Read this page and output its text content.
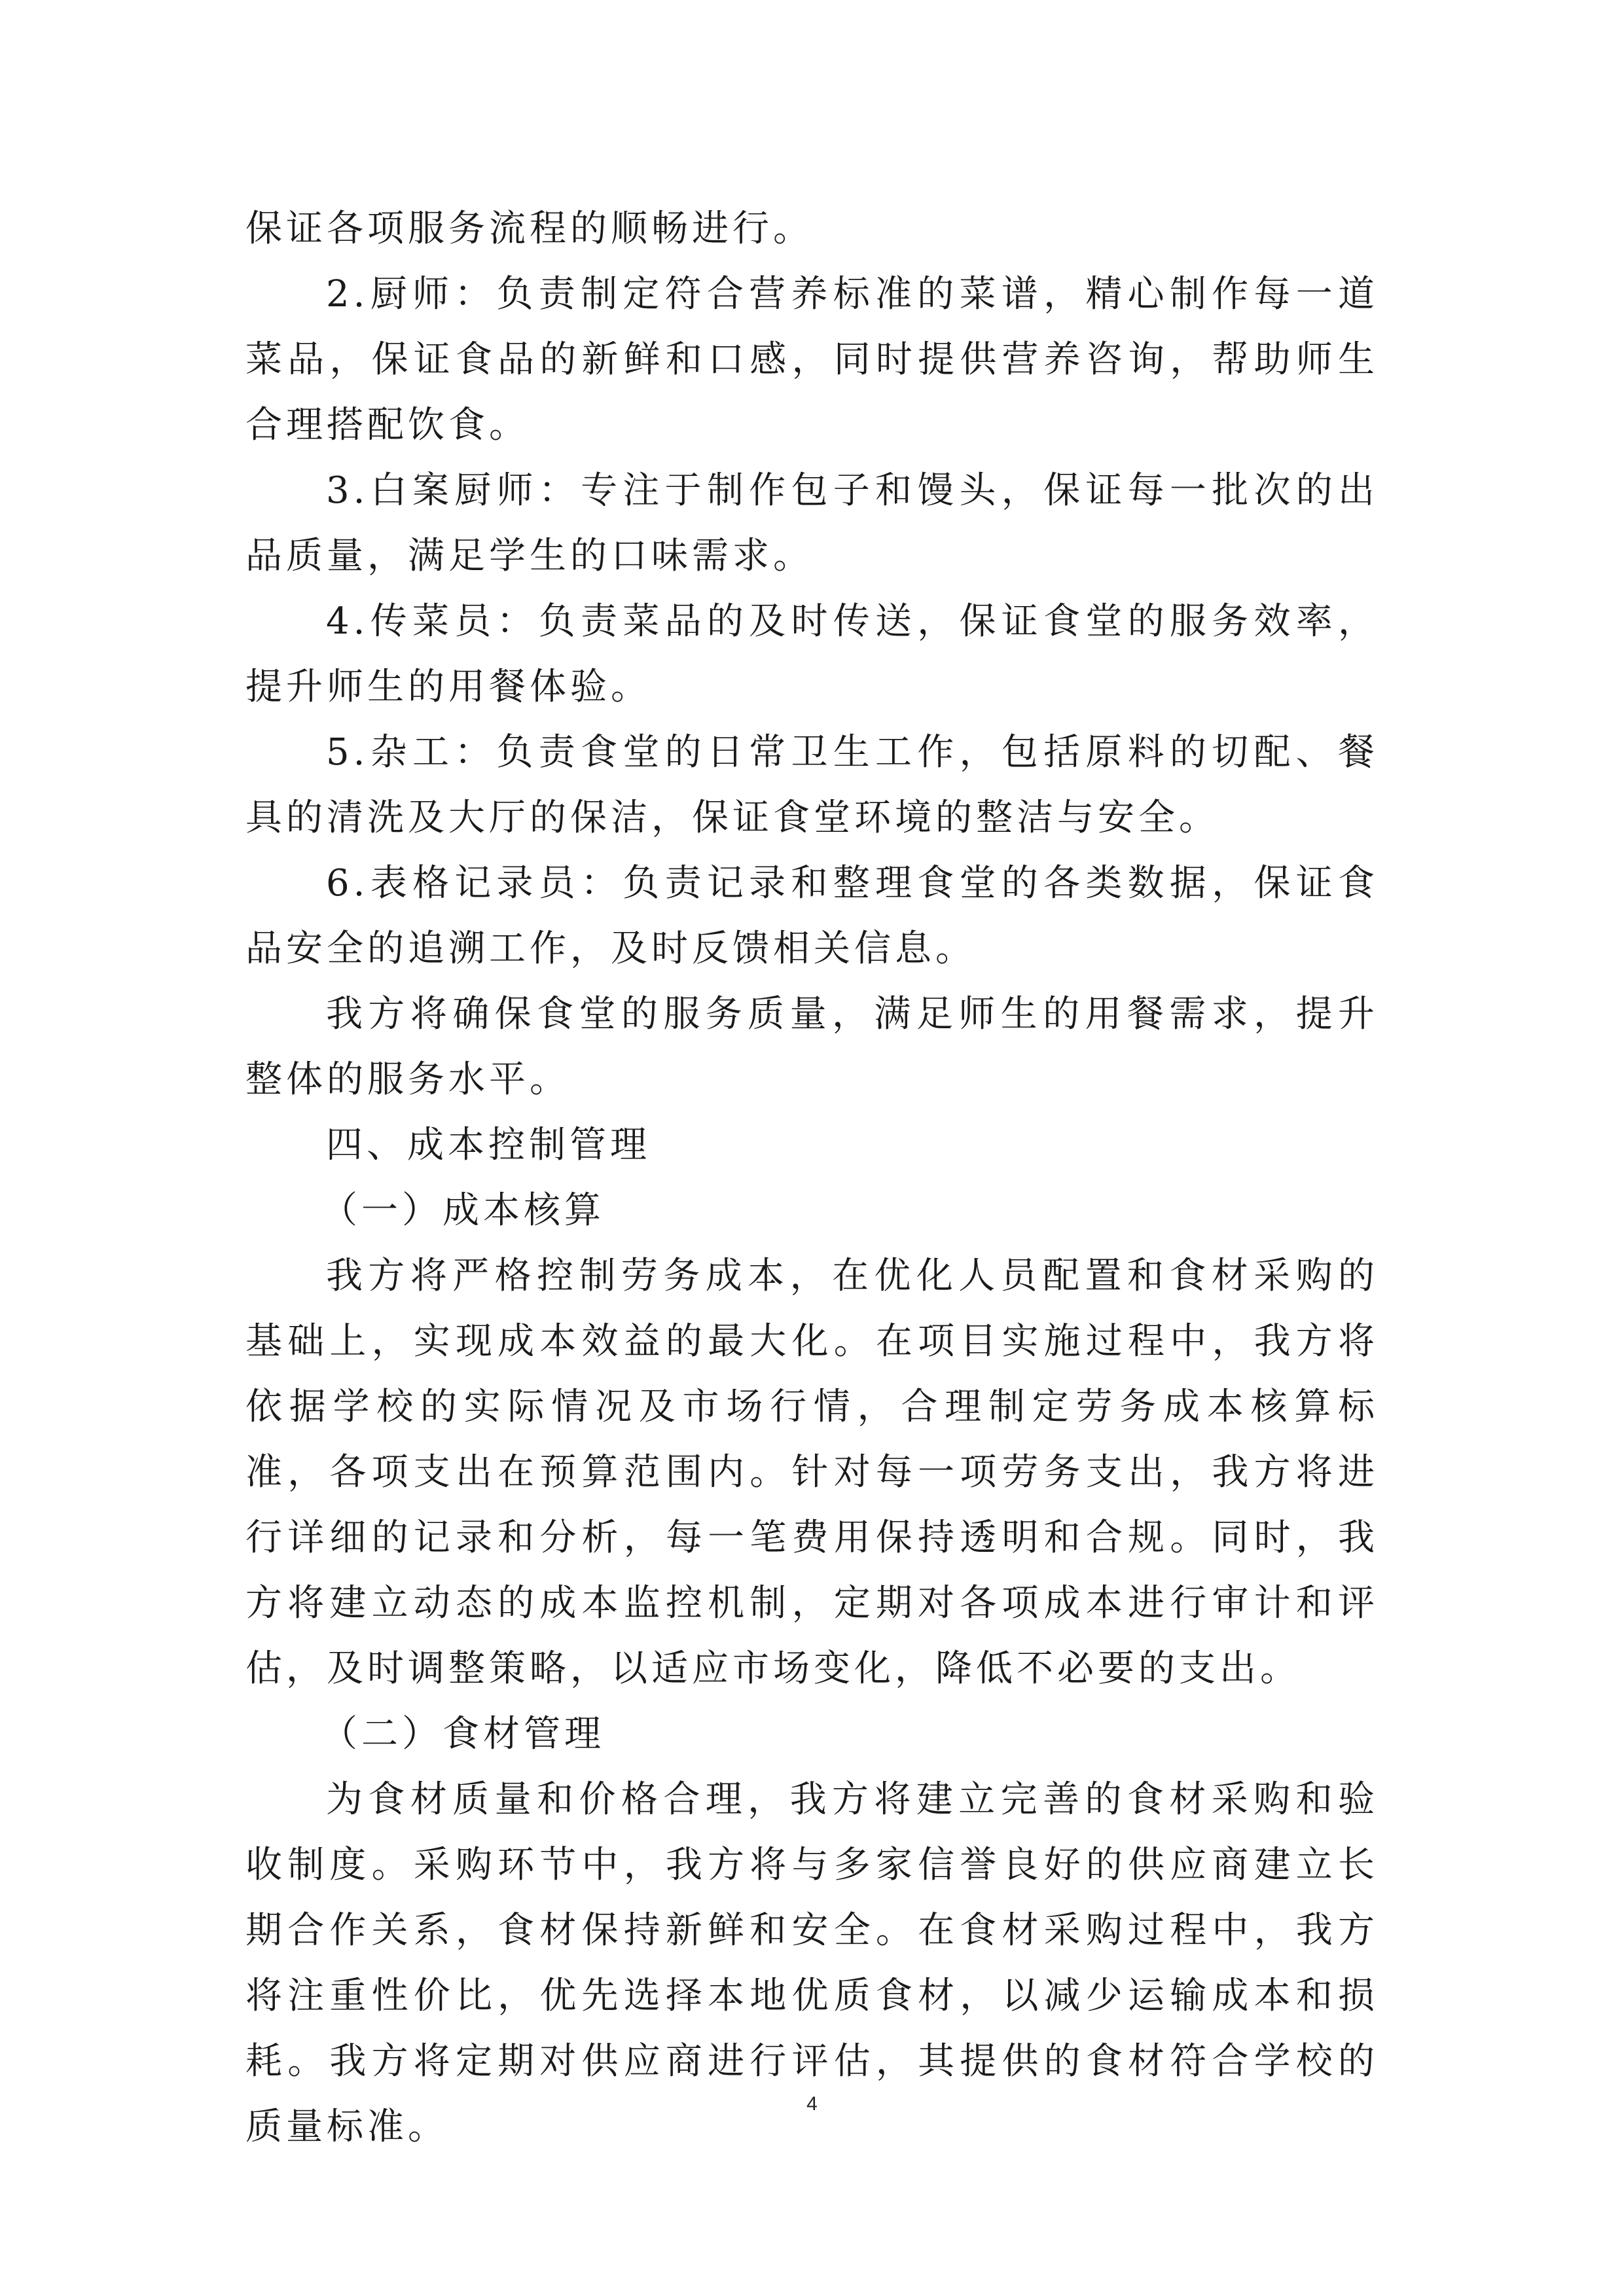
保证各项服务流程的顺畅进行。

2.厨师：负责制定符合营养标准的菜谱，精心制作每一道菜品，保证食品的新鲜和口感，同时提供营养咨询，帮助师生合理搭配饮食。

3.白案厨师：专注于制作包子和馒头，保证每一批次的出品质量，满足学生的口味需求。

4.传菜员：负责菜品的及时传送，保证食堂的服务效率，提升师生的用餐体验。

5.杂工：负责食堂的日常卫生工作，包括原料的切配、餐具的清洗及大厅的保洁，保证食堂环境的整洁与安全。

6.表格记录员：负责记录和整理食堂的各类数据，保证食品安全的追溯工作，及时反馈相关信息。

我方将确保食堂的服务质量，满足师生的用餐需求，提升整体的服务水平。

四、成本控制管理

（一）成本核算

我方将严格控制劳务成本，在优化人员配置和食材采购的基础上，实现成本效益的最大化。在项目实施过程中，我方将依据学校的实际情况及市场行情，合理制定劳务成本核算标准，各项支出在预算范围内。针对每一项劳务支出，我方将进行详细的记录和分析，每一笔费用保持透明和合规。同时，我方将建立动态的成本监控机制，定期对各项成本进行审计和评估，及时调整策略，以适应市场变化，降低不必要的支出。

（二）食材管理

为食材质量和价格合理，我方将建立完善的食材采购和验收制度。采购环节中，我方将与多家信誉良好的供应商建立长期合作关系，食材保持新鲜和安全。在食材采购过程中，我方将注重性价比，优先选择本地优质食材，以减少运输成本和损耗。我方将定期对供应商进行评估，其提供的食材符合学校的质量标准。

4
